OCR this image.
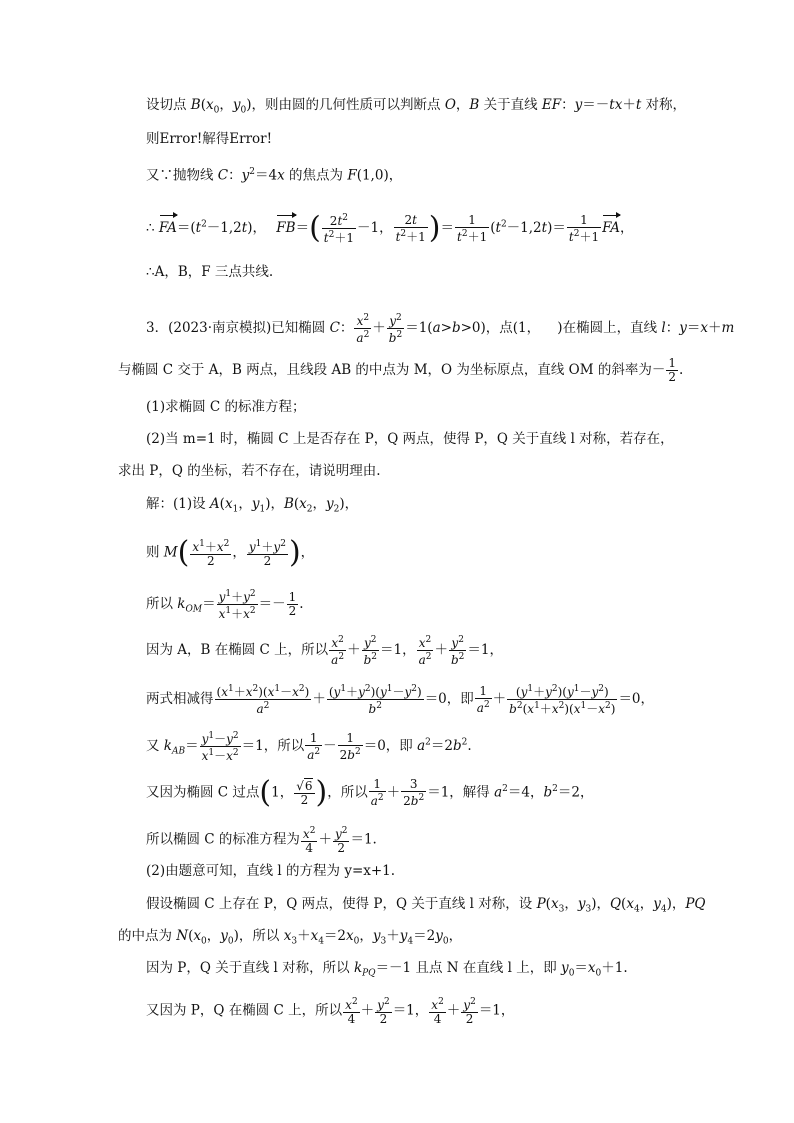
设切点 $B(x_0$，$y_0$)，则由圆的几何性质可以判断点 O，B 关于直线 EF：y＝－tx＋t 对称，
则Error!解得Error!
又∵抛物线 C：$y^2=4x$ 的焦点为 F(1,0)，
∴ $FA=(t^2-1,2t)$， $FB=( \frac{2t^2}{t^2+1} -1$， $\frac{2t}{t^2+1}$ )＝ $\frac{1}{t^2+1} (t^2-1,2t)= \frac{1}{t^2+1}$ FA，
∴A，B，F 三点共线.
3．(2023·南京模拟)已知椭圆 C： $\frac{x^2}{a^2} + \frac{y^2}{b^2} =1(a>b>0)$，点(1，    )在椭圆上，直线 l：y＝x＋m
与椭圆 C 交于 A，B 两点，且线段 AB 的中点为 M，O 为坐标原点，直线 OM 的斜率为－ $\frac{1}{2}$ .
(1)求椭圆 C 的标准方程；
(2)当 m=1 时，椭圆 C 上是否存在 P，Q 两点，使得 P，Q 关于直线 l 对称，若存在，
求出 P，Q 的坐标，若不存在，请说明理由.
解：(1)设 $A(x_1$，$y_1$)，$B(x_2$，$y_2$)，
则 $M( \frac{x^1+x^2}{2}$ ， $\frac{y^1+y^2}{2}$ )，
所以 $k_{OM}= \frac{y^1+y^2}{x^1+x^2} =- \frac{1}{2}$ .
因为 A，B 在椭圆 C 上，所以 $\frac{x^2}{a^2} + \frac{y^2}{b^2} =1$， $\frac{x^2}{a^2} + \frac{y^2}{b^2} =1$，
两式相减得 $\frac{(x^1+x^2)(x^1-x^2)}{a^2} + \frac{(y^1+y^2)(y^1-y^2)}{b^2} =0$，即 $\frac{1}{a^2} + \frac{(y^1+y^2)(y^1-y^2)}{b^2(x^1+x^2)(x^1-x^2)} =0$，
又 $k_{AB}= \frac{y^1-y^2}{x^1-x^2} =1$，所以 $\frac{1}{a^2} - \frac{1}{2b^2} =0$，即 $a^2=2b^2$.
又因为椭圆 C 过点(1， $\frac{√6}{2}$ )，所以 $\frac{1}{a^2} + \frac{3}{2b^2} =1$，解得 $a^2=4$，$b^2=2$，
所以椭圆 C 的标准方程为 $\frac{x^2}{4} + \frac{y^2}{2} =1$.
(2)由题意可知，直线 l 的方程为 y=x+1.
假设椭圆 C 上存在 P，Q 两点，使得 P，Q 关于直线 l 对称，设 $P(x_3$，$y_3$)，$Q(x_4$，$y_4$)，PQ
的中点为 $N(x_0$，$y_0$)，所以 $x_3+x_4=2x_0$，$y_3+y_4=2y_0$，
因为 P，Q 关于直线 l 对称，所以 $k_{PQ}=-1$ 且点 N 在直线 l 上，即 $y_0=x_0+1$.
又因为 P，Q 在椭圆 C 上，所以 $\frac{x^2}{4} + \frac{y^2}{2} =1$， $\frac{x^2}{4} + \frac{y^2}{2} =1$，
